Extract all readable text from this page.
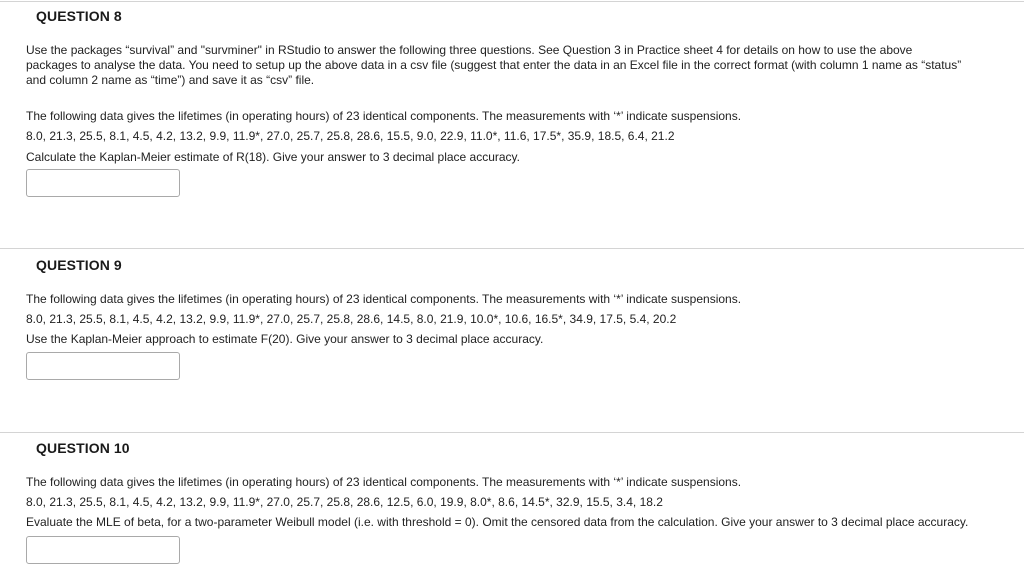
QUESTION 8
Use the packages “survival” and "survminer" in RStudio to answer the following three questions. See Question 3 in Practice sheet 4 for details on how to use the above
packages to analyse the data. You need to setup up the above data in a csv file (suggest that enter the data in an Excel file in the correct format (with column 1 name as “status”
and column 2 name as “time”) and save it as “csv” file.
The following data gives the lifetimes (in operating hours) of 23 identical components. The measurements with ‘*’ indicate suspensions.
8.0, 21.3, 25.5, 8.1, 4.5, 4.2, 13.2, 9.9, 11.9*, 27.0, 25.7, 25.8, 28.6, 15.5, 9.0, 22.9, 11.0*, 11.6, 17.5*, 35.9, 18.5, 6.4, 21.2
Calculate the Kaplan-Meier estimate of R(18). Give your answer to 3 decimal place accuracy.
QUESTION 9
The following data gives the lifetimes (in operating hours) of 23 identical components. The measurements with ‘*’ indicate suspensions.
8.0, 21.3, 25.5, 8.1, 4.5, 4.2, 13.2, 9.9, 11.9*, 27.0, 25.7, 25.8, 28.6, 14.5, 8.0, 21.9, 10.0*, 10.6, 16.5*, 34.9, 17.5, 5.4, 20.2
Use the Kaplan-Meier approach to estimate F(20). Give your answer to 3 decimal place accuracy.
QUESTION 10
The following data gives the lifetimes (in operating hours) of 23 identical components. The measurements with ‘*’ indicate suspensions.
8.0, 21.3, 25.5, 8.1, 4.5, 4.2, 13.2, 9.9, 11.9*, 27.0, 25.7, 25.8, 28.6, 12.5, 6.0, 19.9, 8.0*, 8.6, 14.5*, 32.9, 15.5, 3.4, 18.2
Evaluate the MLE of beta, for a two-parameter Weibull model (i.e. with threshold = 0). Omit the censored data from the calculation. Give your answer to 3 decimal place accuracy.
